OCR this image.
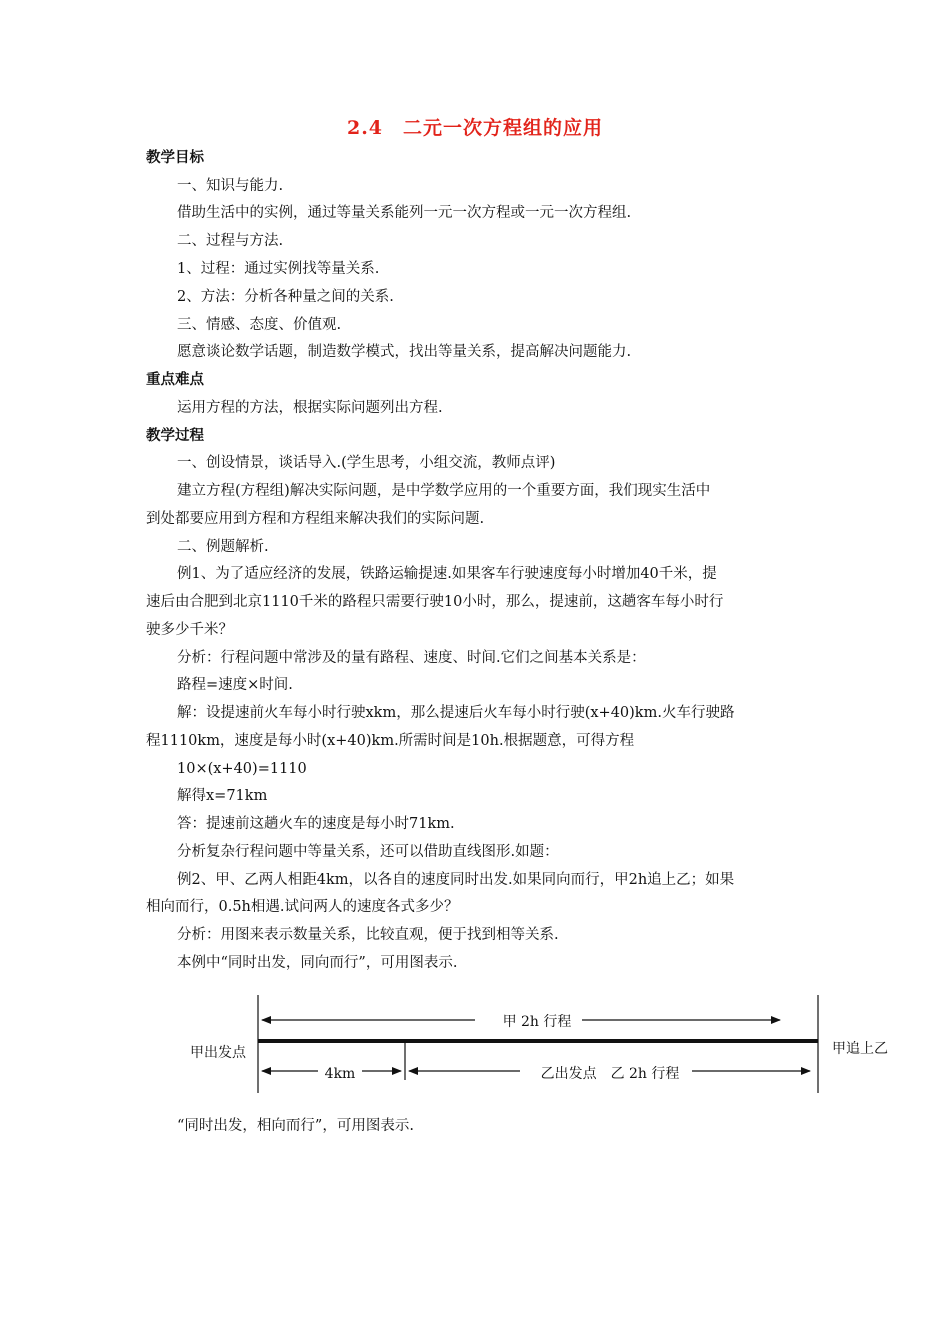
2.4　二元一次方程组的应用
教学目标
一、知识与能力.
借助生活中的实例，通过等量关系能列一元一次方程或一元一次方程组.
二、过程与方法.
1、过程：通过实例找等量关系.
2、方法：分析各种量之间的关系.
三、情感、态度、价值观.
愿意谈论数学话题，制造数学模式，找出等量关系，提高解决问题能力.
重点难点
运用方程的方法，根据实际问题列出方程.
教学过程
一、创设情景，谈话导入.(学生思考，小组交流，教师点评)
建立方程(方程组)解决实际问题，是中学数学应用的一个重要方面，我们现实生活中
到处都要应用到方程和方程组来解决我们的实际问题.
二、例题解析.
例1、为了适应经济的发展，铁路运输提速.如果客车行驶速度每小时增加40千米，提
速后由合肥到北京1110千米的路程只需要行驶10小时，那么，提速前，这趟客车每小时行
驶多少千米？
分析：行程问题中常涉及的量有路程、速度、时间.它们之间基本关系是：
路程=速度×时间.
解：设提速前火车每小时行驶xkm，那么提速后火车每小时行驶(x+40)km.火车行驶路
程1110km，速度是每小时(x+40)km.所需时间是10h.根据题意，可得方程
10×(x+40)=1110
解得x=71km
答：提速前这趟火车的速度是每小时71km.
分析复杂行程问题中等量关系，还可以借助直线图形.如题：
例2、甲、乙两人相距4km，以各自的速度同时出发.如果同向而行，甲2h追上乙；如果
相向而行，0.5h相遇.试问两人的速度各式多少？
分析：用图来表示数量关系，比较直观，便于找到相等关系.
本例中“同时出发，同向而行”，可用图表示.
甲 2h 行程
甲出发点	甲追上乙
4km	乙出发点　乙 2h 行程
“同时出发，相向而行”，可用图表示.
